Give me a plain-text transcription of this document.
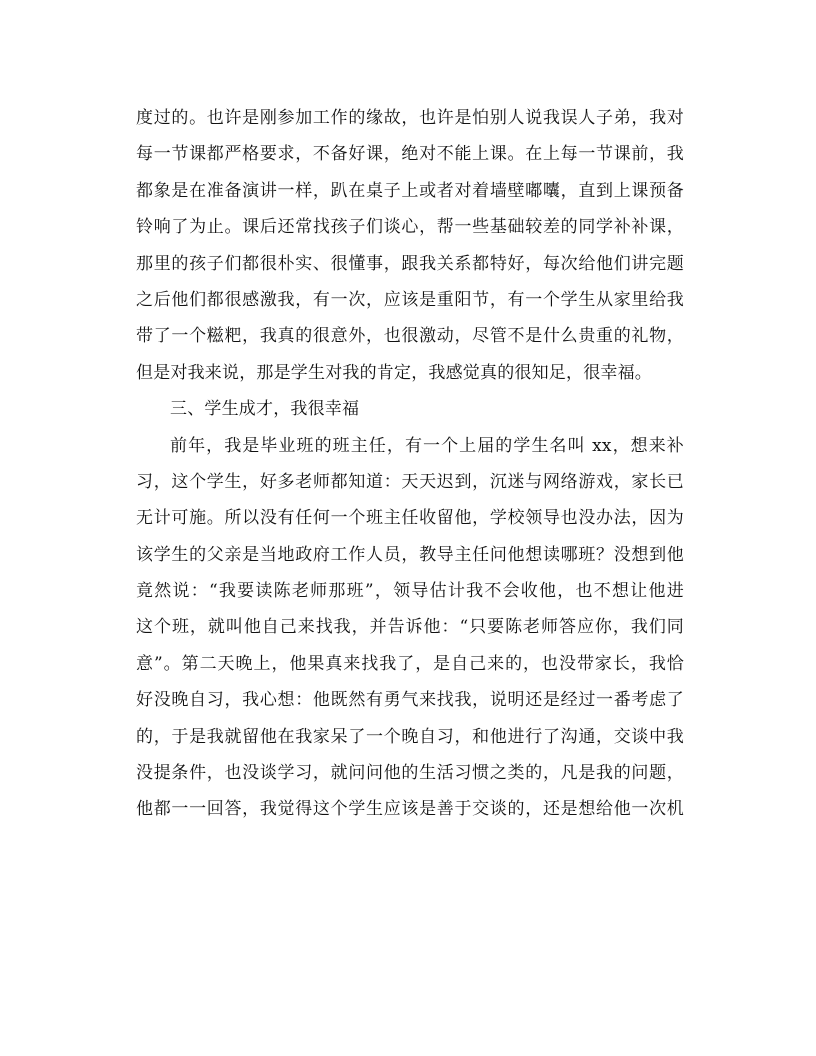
度过的。也许是刚参加工作的缘故，也许是怕别人说我误人子弟，我对
每一节课都严格要求，不备好课，绝对不能上课。在上每一节课前，我
都象是在准备演讲一样，趴在桌子上或者对着墙壁嘟囔，直到上课预备
铃响了为止。课后还常找孩子们谈心，帮一些基础较差的同学补补课，
那里的孩子们都很朴实、很懂事，跟我关系都特好，每次给他们讲完题
之后他们都很感激我，有一次，应该是重阳节，有一个学生从家里给我
带了一个糍粑，我真的很意外，也很激动，尽管不是什么贵重的礼物，
但是对我来说，那是学生对我的肯定，我感觉真的很知足，很幸福。
三、学生成才，我很幸福
前年，我是毕业班的班主任，有一个上届的学生名叫 xx，想来补
习，这个学生，好多老师都知道：天天迟到，沉迷与网络游戏，家长已
无计可施。所以没有任何一个班主任收留他，学校领导也没办法，因为
该学生的父亲是当地政府工作人员，教导主任问他想读哪班？没想到他
竟然说：“我要读陈老师那班”，领导估计我不会收他，也不想让他进
这个班，就叫他自己来找我，并告诉他：“只要陈老师答应你，我们同
意”。第二天晚上，他果真来找我了，是自己来的，也没带家长，我恰
好没晚自习，我心想：他既然有勇气来找我，说明还是经过一番考虑了
的，于是我就留他在我家呆了一个晚自习，和他进行了沟通，交谈中我
没提条件，也没谈学习，就问问他的生活习惯之类的，凡是我的问题，
他都一一回答，我觉得这个学生应该是善于交谈的，还是想给他一次机
